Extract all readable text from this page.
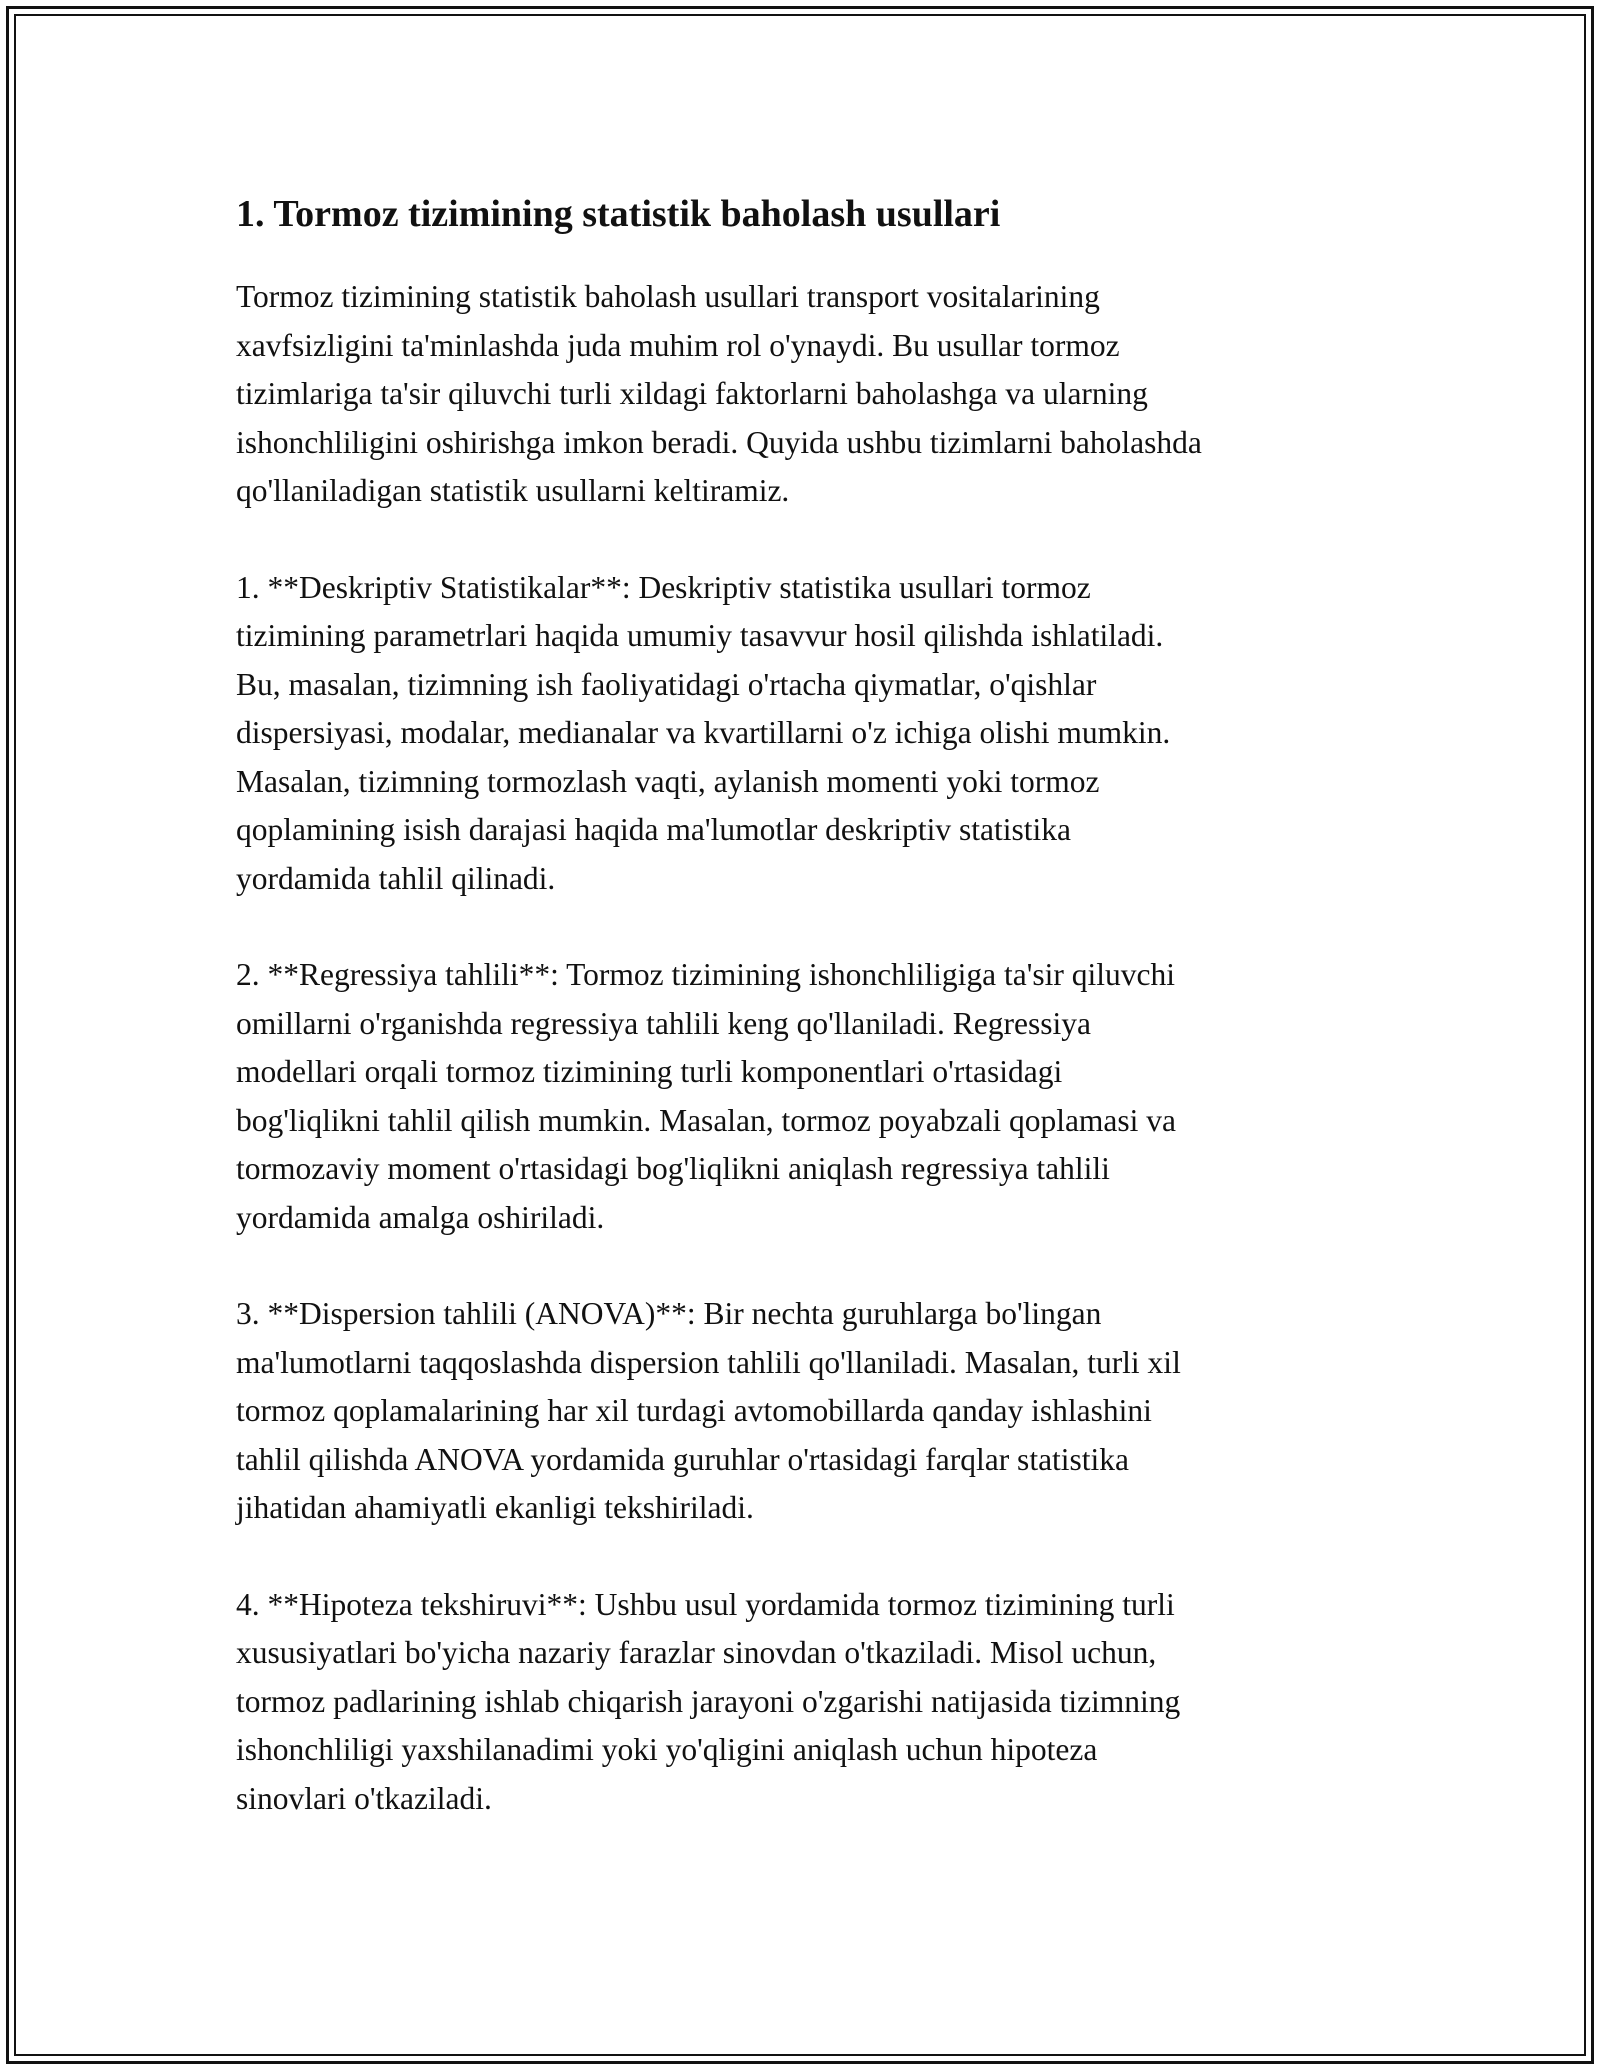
1. Tormoz tizimining statistik baholash usullari

Tormoz tizimining statistik baholash usullari transport vositalarining
xavfsizligini ta'minlashda juda muhim rol o'ynaydi. Bu usullar tormoz
tizimlariga ta'sir qiluvchi turli xildagi faktorlarni baholashga va ularning
ishonchliligini oshirishga imkon beradi. Quyida ushbu tizimlarni baholashda
qo'llaniladigan statistik usullarni keltiramiz.

1. **Deskriptiv Statistikalar**: Deskriptiv statistika usullari tormoz
tizimining parametrlari haqida umumiy tasavvur hosil qilishda ishlatiladi.
Bu, masalan, tizimning ish faoliyatidagi o'rtacha qiymatlar, o'qishlar
dispersiyasi, modalar, medianalar va kvartillarni o'z ichiga olishi mumkin.
Masalan, tizimning tormozlash vaqti, aylanish momenti yoki tormoz
qoplamining isish darajasi haqida ma'lumotlar deskriptiv statistika
yordamida tahlil qilinadi.

2. **Regressiya tahlili**: Tormoz tizimining ishonchliligiga ta'sir qiluvchi
omillarni o'rganishda regressiya tahlili keng qo'llaniladi. Regressiya
modellari orqali tormoz tizimining turli komponentlari o'rtasidagi
bog'liqlikni tahlil qilish mumkin. Masalan, tormoz poyabzali qoplamasi va
tormozaviy moment o'rtasidagi bog'liqlikni aniqlash regressiya tahlili
yordamida amalga oshiriladi.

3. **Dispersion tahlili (ANOVA)**: Bir nechta guruhlarga bo'lingan
ma'lumotlarni taqqoslashda dispersion tahlili qo'llaniladi. Masalan, turli xil
tormoz qoplamalarining har xil turdagi avtomobillarda qanday ishlashini
tahlil qilishda ANOVA yordamida guruhlar o'rtasidagi farqlar statistika
jihatidan ahamiyatli ekanligi tekshiriladi.

4. **Hipoteza tekshiruvi**: Ushbu usul yordamida tormoz tizimining turli
xususiyatlari bo'yicha nazariy farazlar sinovdan o'tkaziladi. Misol uchun,
tormoz padlarining ishlab chiqarish jarayoni o'zgarishi natijasida tizimning
ishonchliligi yaxshilanadimi yoki yo'qligini aniqlash uchun hipoteza
sinovlari o'tkaziladi.
